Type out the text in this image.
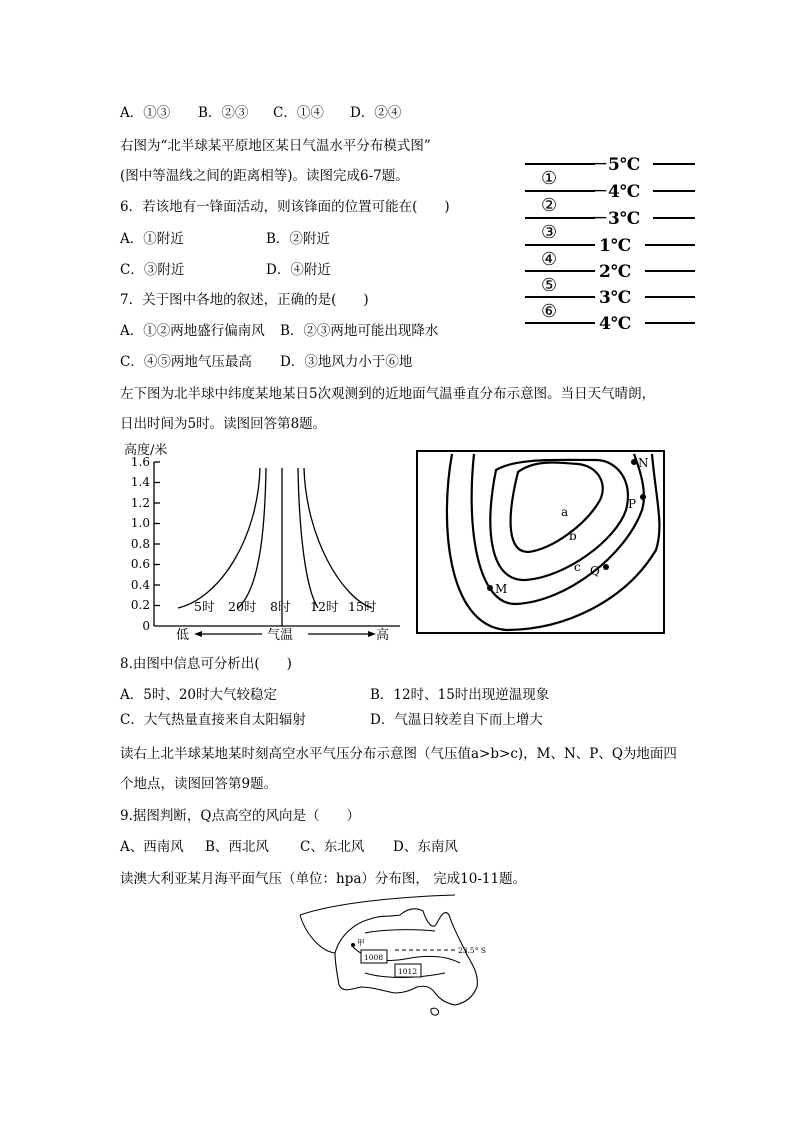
A．①③ B．②③ C．①④ D．②④
右图为“北半球某平原地区某日气温水平分布模式图”
(图中等温线之间的距离相等)。读图完成6-7题。
6．若该地有一锋面活动，则该锋面的位置可能在(　　)
A．①附近	B．②附近
C．③附近	D．④附近
7．关于图中各地的叙述，正确的是(　　)
A．①②两地盛行偏南风 B．②③两地可能出现降水
C．④⑤两地气压最高 D．③地风力小于⑥地
－5℃
－4℃
－3℃
1℃
2℃
3℃
4℃
①
②
③
④
⑤
⑥
左下图为北半球中纬度某地某日5次观测到的近地面气温垂直分布示意图。当日天气晴朗，
日出时间为5时。读图回答第8题。
0
0.2
0.4
0.6
0.8
1.0
1.2
1.4
1.6
高度/米
5时 20时 8时 12时 15时
低	气温	高
a
b
c
N
P
Q
M
8.由图中信息可分析出(　　)
A．5时、20时大气较稳定	B．12时、15时出现逆温现象
C．大气热量直接来自太阳辐射	D．气温日较差自下而上增大
读右上北半球某地某时刻高空水平气压分布示意图（气压值a>b>c)，M、N、P、Q为地面四
个地点，读图回答第9题。
9.据图判断，Q点高空的风向是（　　）
A、西南风 B、西北风 C、东北风 D、东南风
读澳大利亚某月海平面气压（单位：hpa）分布图， 完成10-11题。
甲
23.5° S
1008
1012
